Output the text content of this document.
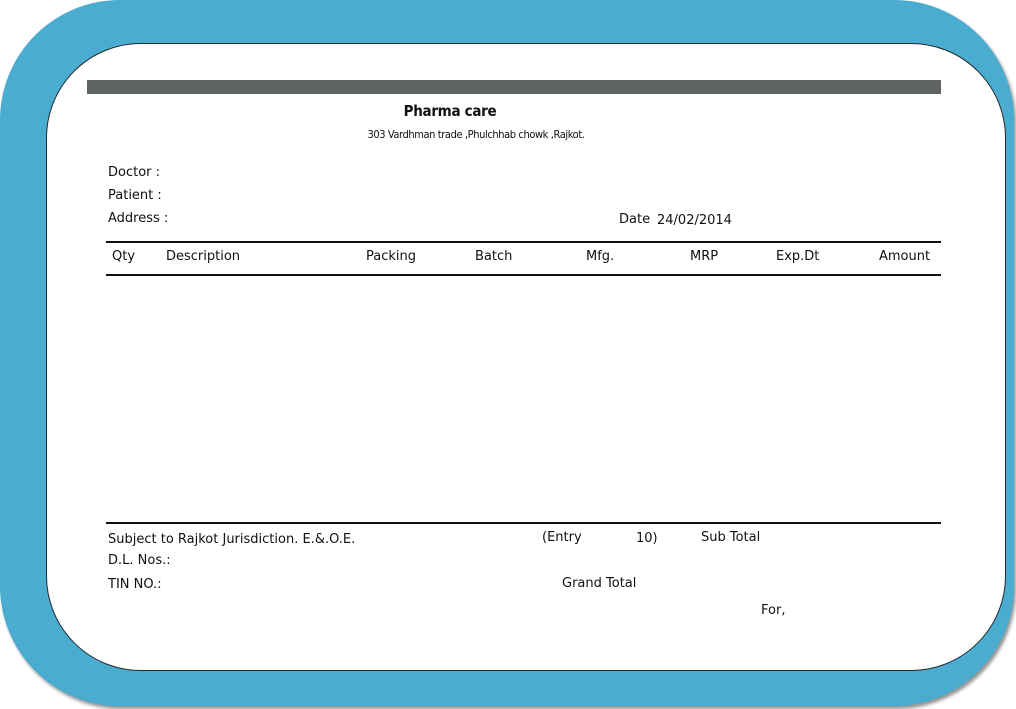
Pharma care
303 Vardhman trade ,Phulchhab chowk ,Rajkot.
Doctor :
Patient :
Address :	Date 24/02/2014
Qty Description	Packing	Batch	Mfg.	MRP	Exp.Dt	Amount
Subject to Rajkot Jurisdiction. E.&.O.E.	(Entry	10)	Sub Total
D.L. Nos.:
TIN NO.:	Grand Total
For,
